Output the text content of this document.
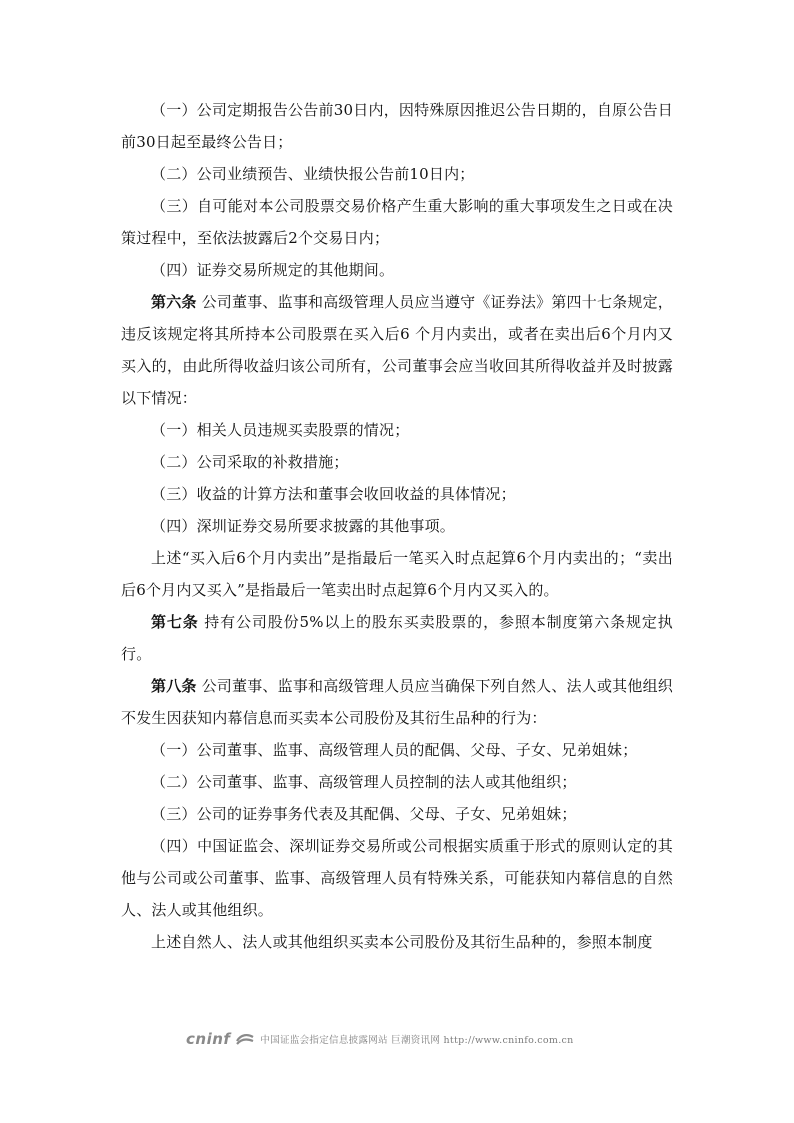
（一）公司定期报告公告前30日内，因特殊原因推迟公告日期的，自原公告日前30日起至最终公告日；

（二）公司业绩预告、业绩快报公告前10日内；

（三）自可能对本公司股票交易价格产生重大影响的重大事项发生之日或在决策过程中，至依法披露后2个交易日内；

（四）证券交易所规定的其他期间。

第六条 公司董事、监事和高级管理人员应当遵守《证券法》第四十七条规定，违反该规定将其所持本公司股票在买入后6 个月内卖出，或者在卖出后6个月内又买入的，由此所得收益归该公司所有，公司董事会应当收回其所得收益并及时披露以下情况：

（一）相关人员违规买卖股票的情况；

（二）公司采取的补救措施；

（三）收益的计算方法和董事会收回收益的具体情况；

（四）深圳证券交易所要求披露的其他事项。

上述“买入后6个月内卖出”是指最后一笔买入时点起算6个月内卖出的；“卖出后6个月内又买入”是指最后一笔卖出时点起算6个月内又买入的。

第七条 持有公司股份5%以上的股东买卖股票的，参照本制度第六条规定执行。

第八条 公司董事、监事和高级管理人员应当确保下列自然人、法人或其他组织不发生因获知内幕信息而买卖本公司股份及其衍生品种的行为：

（一）公司董事、监事、高级管理人员的配偶、父母、子女、兄弟姐妹；

（二）公司董事、监事、高级管理人员控制的法人或其他组织；

（三）公司的证券事务代表及其配偶、父母、子女、兄弟姐妹；

（四）中国证监会、深圳证券交易所或公司根据实质重于形式的原则认定的其他与公司或公司董事、监事、高级管理人员有特殊关系，可能获知内幕信息的自然人、法人或其他组织。

上述自然人、法人或其他组织买卖本公司股份及其衍生品种的，参照本制度

cninf	中国证监会指定信息披露网站 巨潮资讯网 http://www.cninfo.com.cn
